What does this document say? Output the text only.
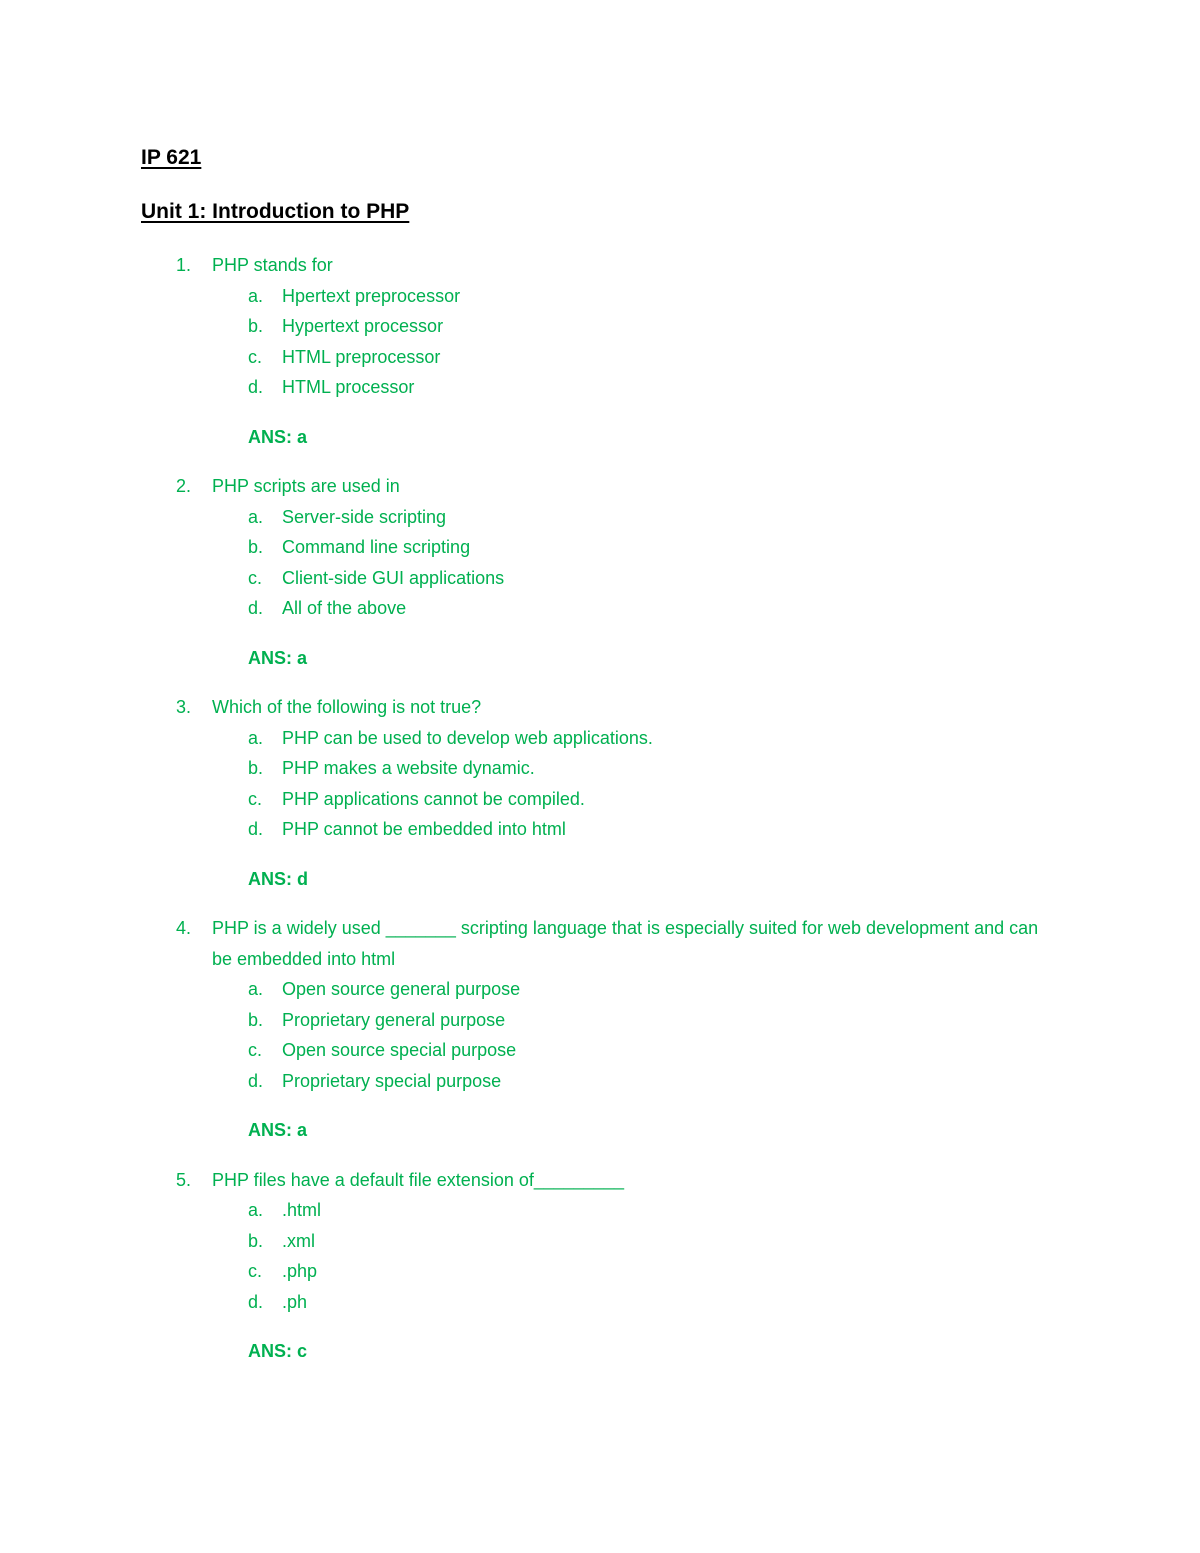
IP 621
Unit 1: Introduction to PHP
1.	PHP stands for
a.	Hpertext preprocessor
b.	Hypertext processor
c.	HTML preprocessor
d.	HTML processor
ANS: a
2.	PHP scripts are used in
a.	Server-side scripting
b.	Command line scripting
c.	Client-side GUI applications
d.	All of the above
ANS: a
3.	Which of the following is not true?
a.	PHP can be used to develop web applications.
b.	PHP makes a website dynamic.
c.	PHP applications cannot be compiled.
d.	PHP cannot be embedded into html
ANS: d
4.	PHP is a widely used _______ scripting language that is especially suited for web development and can be embedded into html
a.	Open source general purpose
b.	Proprietary general purpose
c.	Open source special purpose
d.	Proprietary special purpose
ANS: a
5.	PHP files have a default file extension of_________
a.	.html
b.	.xml
c.	.php
d.	.ph
ANS: c
